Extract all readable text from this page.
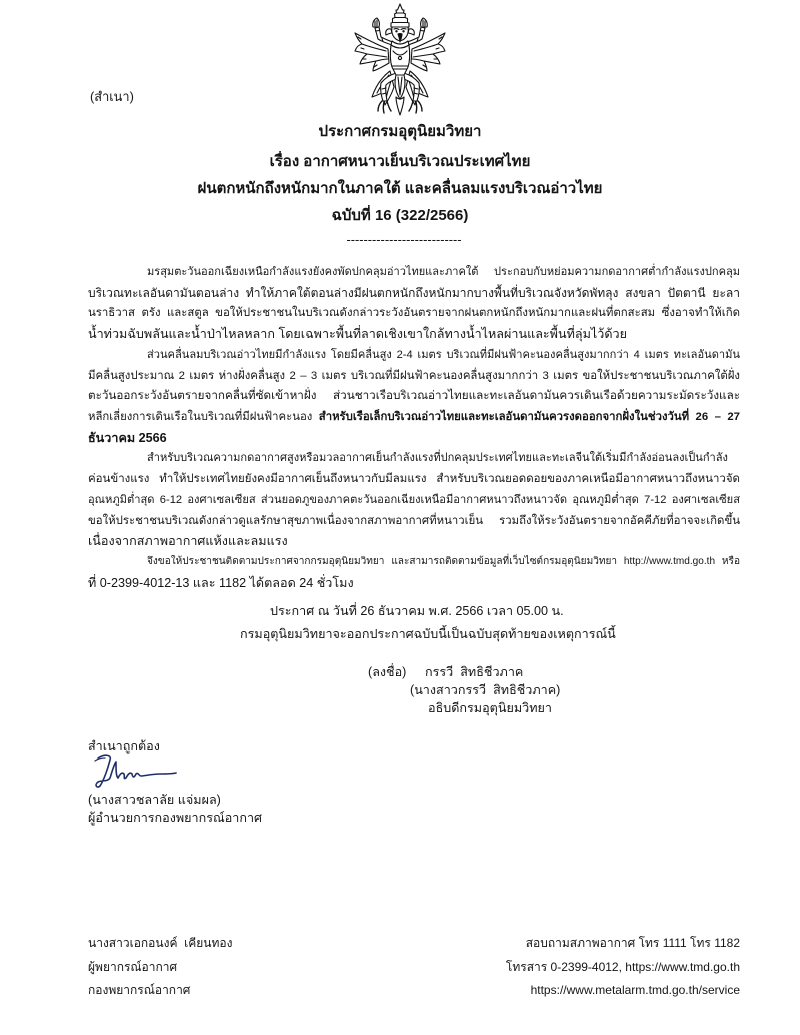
(สำเนา)
ประกาศกรมอุตุนิยมวิทยา
เรื่อง อากาศหนาวเย็นบริเวณประเทศไทย
ฝนตกหนักถึงหนักมากในภาคใต้ และคลื่นลมแรงบริเวณอ่าวไทย
ฉบับที่ 16 (322/2566)
---------------------------
มรสุมตะวันออกเฉียงเหนือกำลังแรงยังคงพัดปกคลุมอ่าวไทยและภาคใต้ ประกอบกับหย่อมความกดอากาศต่ำกำลังแรงปกคลุม
บริเวณทะเลอันดามันตอนล่าง ทำให้ภาคใต้ตอนล่างมีฝนตกหนักถึงหนักมากบางพื้นที่บริเวณจังหวัดพัทลุง สงขลา ปัตตานี ยะลา
นราธิวาส ตรัง และสตูล ขอให้ประชาชนในบริเวณดังกล่าวระวังอันตรายจากฝนตกหนักถึงหนักมากและฝนที่ตกสะสม ซึ่งอาจทำให้เกิด
น้ำท่วมฉับพลันและน้ำป่าไหลหลาก โดยเฉพาะพื้นที่ลาดเชิงเขาใกล้ทางน้ำไหลผ่านและพื้นที่ลุ่มไว้ด้วย
ส่วนคลื่นลมบริเวณอ่าวไทยมีกำลังแรง โดยมีคลื่นสูง 2-4 เมตร บริเวณที่มีฝนฟ้าคะนองคลื่นสูงมากกว่า 4 เมตร ทะเลอันดามัน
มีคลื่นสูงประมาณ 2 เมตร ห่างฝั่งคลื่นสูง 2 – 3 เมตร บริเวณที่มีฝนฟ้าคะนองคลื่นสูงมากกว่า 3 เมตร ขอให้ประชาชนบริเวณภาคใต้ฝั่ง
ตะวันออกระวังอันตรายจากคลื่นที่ซัดเข้าหาฝั่ง ส่วนชาวเรือบริเวณอ่าวไทยและทะเลอันดามันควรเดินเรือด้วยความระมัดระวังและ
หลีกเลี่ยงการเดินเรือในบริเวณที่มีฝนฟ้าคะนอง สำหรับเรือเล็กบริเวณอ่าวไทยและทะเลอันดามันควรงดออกจากฝั่งในช่วงวันที่ 26 – 27
ธันวาคม 2566
สำหรับบริเวณความกดอากาศสูงหรือมวลอากาศเย็นกำลังแรงที่ปกคลุมประเทศไทยและทะเลจีนใต้เริ่มมีกำลังอ่อนลงเป็นกำลัง
ค่อนข้างแรง ทำให้ประเทศไทยยังคงมีอากาศเย็นถึงหนาวกับมีลมแรง สำหรับบริเวณยอดดอยของภาคเหนือมีอากาศหนาวถึงหนาวจัด
อุณหภูมิต่ำสุด 6-12 องศาเซลเซียส ส่วนยอดภูของภาคตะวันออกเฉียงเหนือมีอากาศหนาวถึงหนาวจัด อุณหภูมิต่ำสุด 7-12 องศาเซลเซียส
ขอให้ประชาชนบริเวณดังกล่าวดูแลรักษาสุขภาพเนื่องจากสภาพอากาศที่หนาวเย็น รวมถึงให้ระวังอันตรายจากอัคคีภัยที่อาจจะเกิดขึ้น
เนื่องจากสภาพอากาศแห้งและลมแรง
จึงขอให้ประชาชนติดตามประกาศจากกรมอุตุนิยมวิทยา และสามารถติดตามข้อมูลที่เว็บไซต์กรมอุตุนิยมวิทยา http://www.tmd.go.th หรือ
ที่ 0-2399-4012-13 และ 1182 ได้ตลอด 24 ชั่วโมง
ประกาศ ณ วันที่ 26 ธันวาคม พ.ศ. 2566 เวลา 05.00 น.
กรมอุตุนิยมวิทยาจะออกประกาศฉบับนี้เป็นฉบับสุดท้ายของเหตุการณ์นี้
(ลงชื่อ)	กรรวี  สิทธิชีวภาค
(นางสาวกรรวี  สิทธิชีวภาค)
อธิบดีกรมอุตุนิยมวิทยา
สำเนาถูกต้อง
(นางสาวชลาลัย แจ่มผล)
ผู้อำนวยการกองพยากรณ์อากาศ
นางสาวเอกอนงค์  เคียนทอง
ผู้พยากรณ์อากาศ
กองพยากรณ์อากาศ
สอบถามสภาพอากาศ โทร 1111 โทร 1182
โทรสาร 0-2399-4012, https://www.tmd.go.th
https://www.metalarm.tmd.go.th/service
